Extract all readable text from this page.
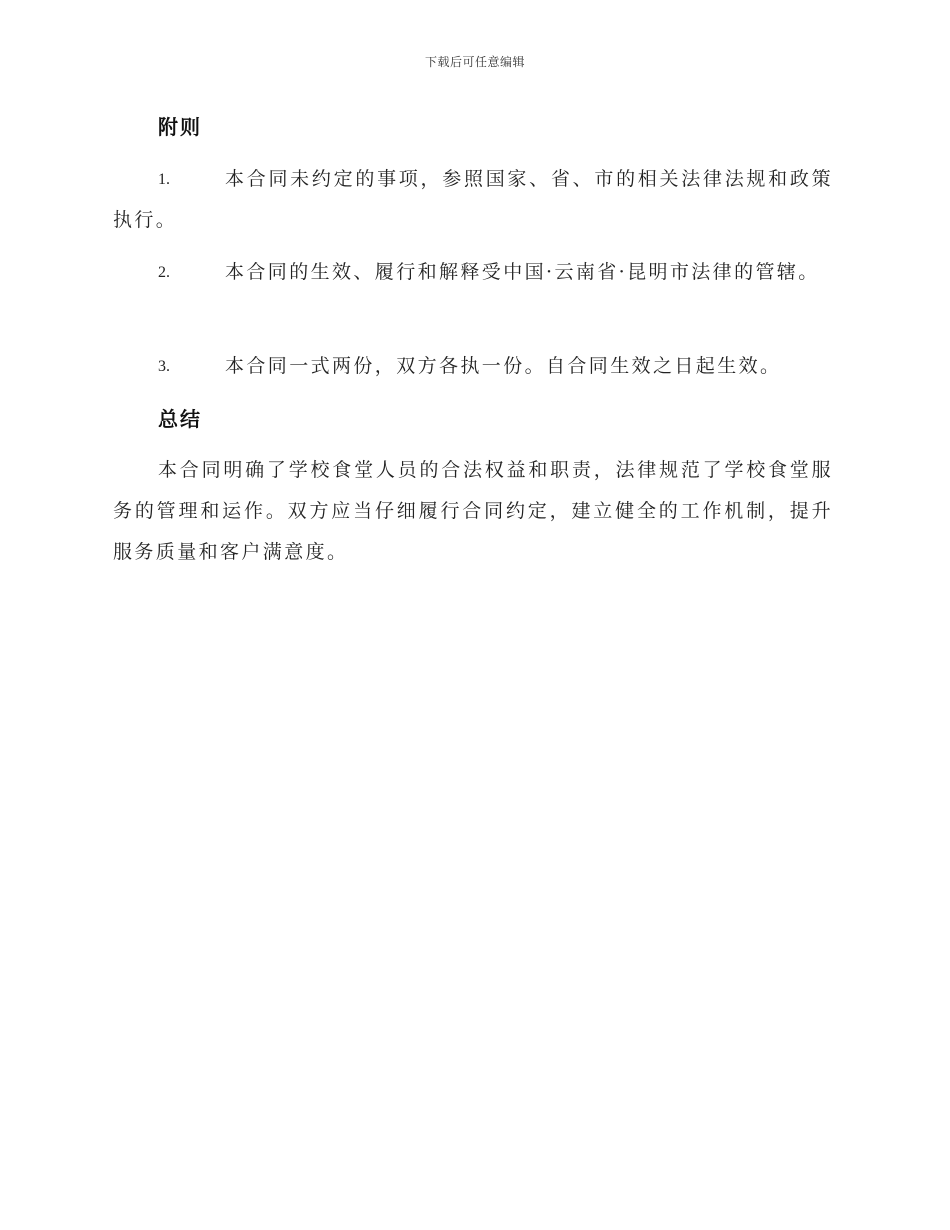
下载后可任意编辑
附则
1.	本合同未约定的事项，参照国家、省、市的相关法律法规和政策执行。
2.	本合同的生效、履行和解释受中国·云南省·昆明市法律的管辖。
3.	本合同一式两份，双方各执一份。自合同生效之日起生效。
总结
本合同明确了学校食堂人员的合法权益和职责，法律规范了学校食堂服务的管理和运作。双方应当仔细履行合同约定，建立健全的工作机制，提升服务质量和客户满意度。
